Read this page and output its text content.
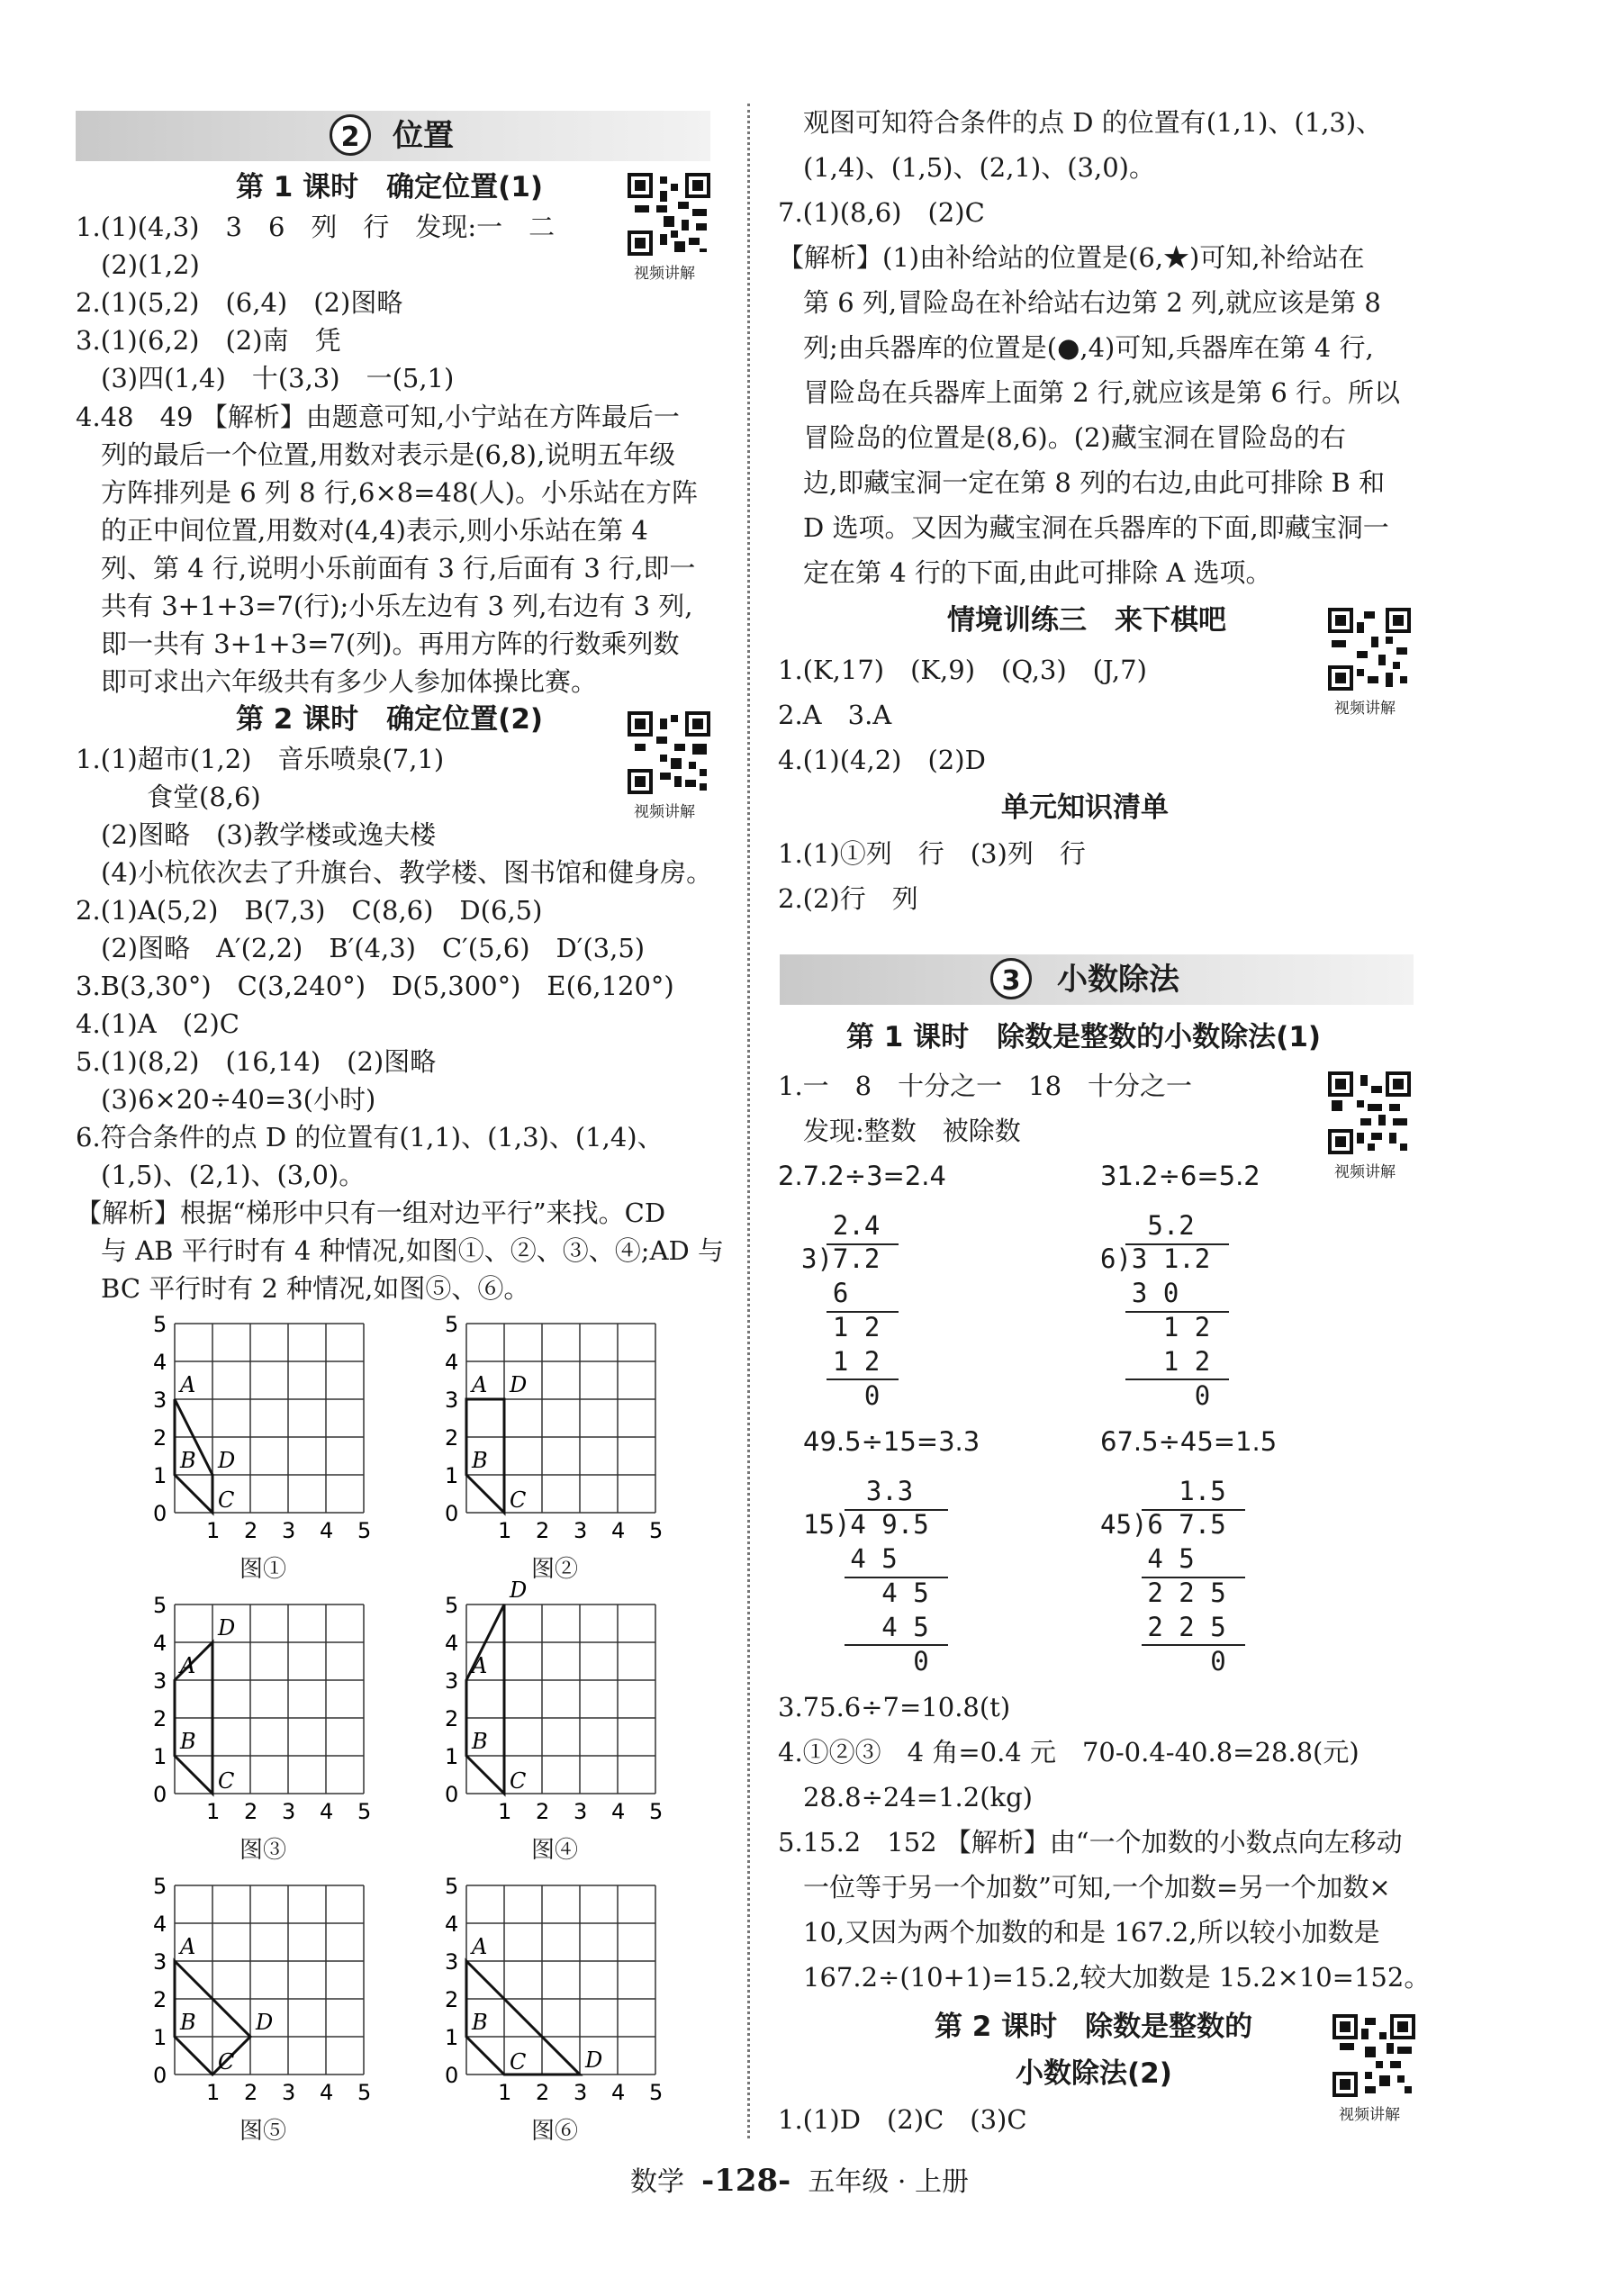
2	位置
第 1 课时　确定位置(1)
视频讲解
1.(1)(4,3)　3　6　列　行　发现:一　二
(2)(1,2)
2.(1)(5,2)　(6,4)　(2)图略
3.(1)(6,2)　(2)南　凭
(3)四(1,4)　十(3,3)　一(5,1)
4.48　49 【解析】由题意可知,小宁站在方阵最后一
列的最后一个位置,用数对表示是(6,8),说明五年级
方阵排列是 6 列 8 行,6×8=48(人)。小乐站在方阵
的正中间位置,用数对(4,4)表示,则小乐站在第 4
列、第 4 行,说明小乐前面有 3 行,后面有 3 行,即一
共有 3+1+3=7(行);小乐左边有 3 列,右边有 3 列,
即一共有 3+1+3=7(列)。再用方阵的行数乘列数
即可求出六年级共有多少人参加体操比赛。
第 2 课时　确定位置(2)
视频讲解
1.(1)超市(1,2)　音乐喷泉(7,1)
食堂(8,6)
(2)图略　(3)教学楼或逸夫楼
(4)小杭依次去了升旗台、教学楼、图书馆和健身房。
2.(1)A(5,2)　B(7,3)　C(8,6)　D(6,5)
(2)图略　A′(2,2)　B′(4,3)　C′(5,6)　D′(3,5)
3.B(3,30°)　C(3,240°)　D(5,300°)　E(6,120°)
4.(1)A　(2)C
5.(1)(8,2)　(16,14)　(2)图略
(3)6×20÷40=3(小时)
6.符合条件的点 D 的位置有(1,1)、(1,3)、(1,4)、
(1,5)、(2,1)、(3,0)。
【解析】根据“梯形中只有一组对边平行”来找。CD
与 AB 平行时有 4 种情况,如图①、②、③、④;AD 与
BC 平行时有 2 种情况,如图⑤、⑥。
0
1
1
2
2
3
3
4
4
5
5
A
B
C
D
图①
0
1
1
2
2
3
3
4
4
5
5
A
B
C
D
图②
0
1
1
2
2
3
3
4
4
5
5
A
B
C
D
图③
0
1
1
2
2
3
3
4
4
5
5
A
B
C
D
图④
0
1
1
2
2
3
3
4
4
5
5
A
B
C
D
图⑤
0
1
1
2
2
3
3
4
4
5
5
A
B
C	D
图⑥
观图可知符合条件的点 D 的位置有(1,1)、(1,3)、
(1,4)、(1,5)、(2,1)、(3,0)。
7.(1)(8,6)　(2)C
【解析】(1)由补给站的位置是(6,★)可知,补给站在
第 6 列,冒险岛在补给站右边第 2 列,就应该是第 8
列;由兵器库的位置是(●,4)可知,兵器库在第 4 行,
冒险岛在兵器库上面第 2 行,就应该是第 6 行。所以
冒险岛的位置是(8,6)。(2)藏宝洞在冒险岛的右
边,即藏宝洞一定在第 8 列的右边,由此可排除 B 和
D 选项。又因为藏宝洞在兵器库的下面,即藏宝洞一
定在第 4 行的下面,由此可排除 A 选项。
情境训练三　来下棋吧
视频讲解
1.(K,17)　(K,9)　(Q,3)　(J,7)
2.A　3.A
4.(1)(4,2)　(2)D
单元知识清单
1.(1)①列　行　(3)列　行
2.(2)行　列
3	小数除法
第 1 课时　除数是整数的小数除法(1)
视频讲解
1.一　8　十分之一　18　十分之一
发现:整数　被除数
2.7.2÷3=2.4	31.2÷6=5.2
49.5÷15=3.3	67.5÷45=1.5
2.4
3)7.2
6
1 2
1 2
0
5.2
6)3 1.2
3 0
1 2
1 2
0
3.3
15)4 9.5
4 5
4 5
4 5
0
1.5
45)6 7.5
4 5
2 2 5
2 2 5
0
3.75.6÷7=10.8(t)
4.①②③　4 角=0.4 元　70-0.4-40.8=28.8(元)
28.8÷24=1.2(kg)
5.15.2　152 【解析】由“一个加数的小数点向左移动
一位等于另一个加数”可知,一个加数=另一个加数×
10,又因为两个加数的和是 167.2,所以较小加数是
167.2÷(10+1)=15.2,较大加数是 15.2×10=152。
第 2 课时　除数是整数的
小数除法(2)
视频讲解
1.(1)D　(2)C　(3)C
数学 -128- 五年级 · 上册
